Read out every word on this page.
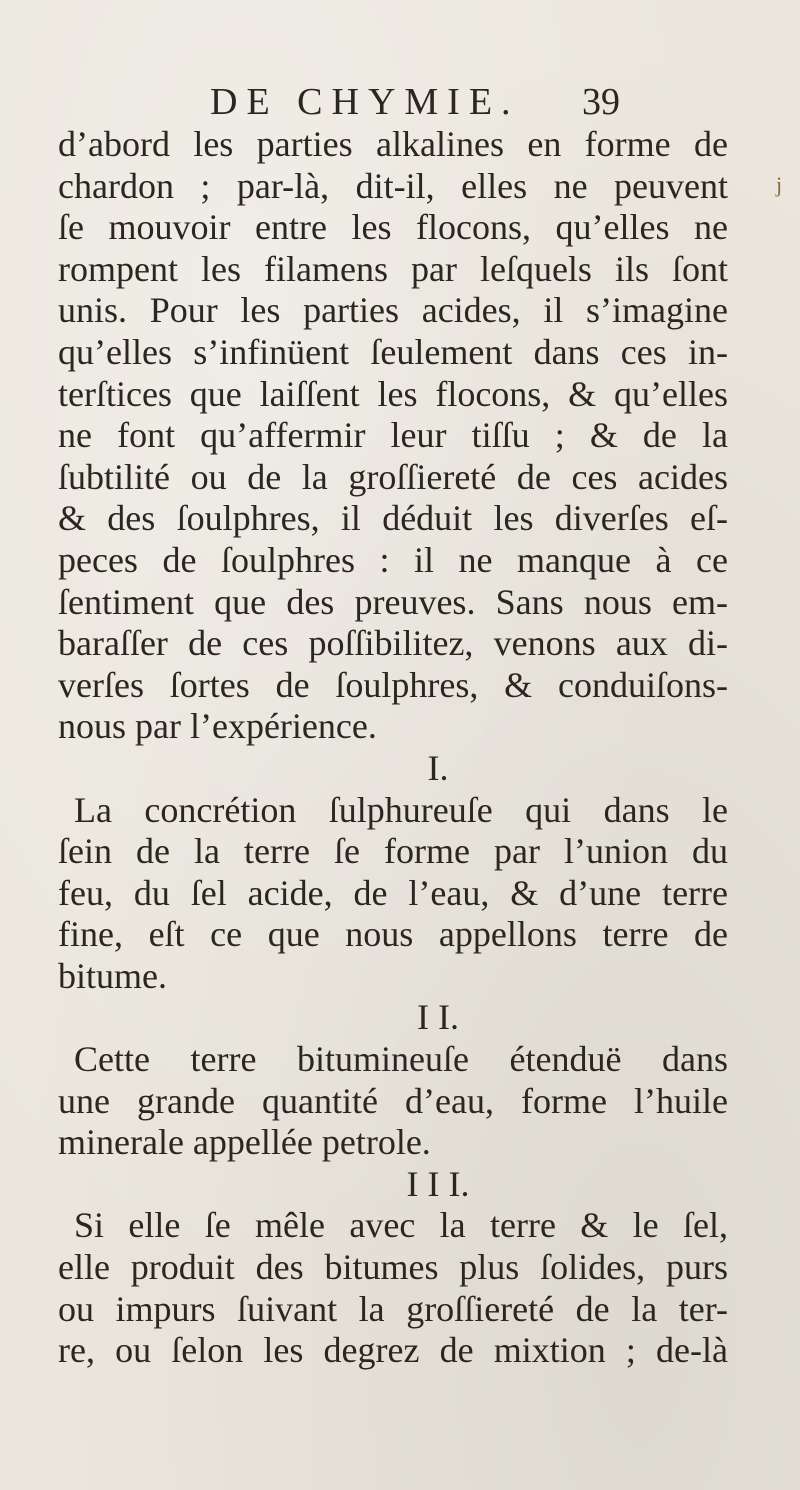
DE CHYMIE. 39
j
d’abord les parties alkalines en forme de
chardon ; par-là, dit-il, elles ne peuvent
ſe mouvoir entre les flocons, qu’elles ne
rompent les filamens par leſquels ils ſont
unis. Pour les parties acides, il s’imagine
qu’elles s’infinüent ſeulement dans ces in-
terſtices que laiſſent les flocons, & qu’elles
ne font qu’affermir leur tiſſu ; & de la
ſubtilité ou de la groſſiereté de ces acides
& des ſoulphres, il déduit les diverſes eſ-
peces de ſoulphres : il ne manque à ce
ſentiment que des preuves. Sans nous em-
baraſſer de ces poſſibilitez, venons aux di-
verſes ſortes de ſoulphres, & conduiſons-
nous par l’expérience.
I.
La concrétion ſulphureuſe qui dans le
ſein de la terre ſe forme par l’union du
feu, du ſel acide, de l’eau, & d’une terre
fine, eſt ce que nous appellons terre de
bitume.
I I.
Cette terre bitumineuſe étenduë dans
une grande quantité d’eau, forme l’huile
minerale appellée petrole.
I I I.
Si elle ſe mêle avec la terre & le ſel,
elle produit des bitumes plus ſolides, purs
ou impurs ſuivant la groſſiereté de la ter-
re, ou ſelon les degrez de mixtion ; de-là
